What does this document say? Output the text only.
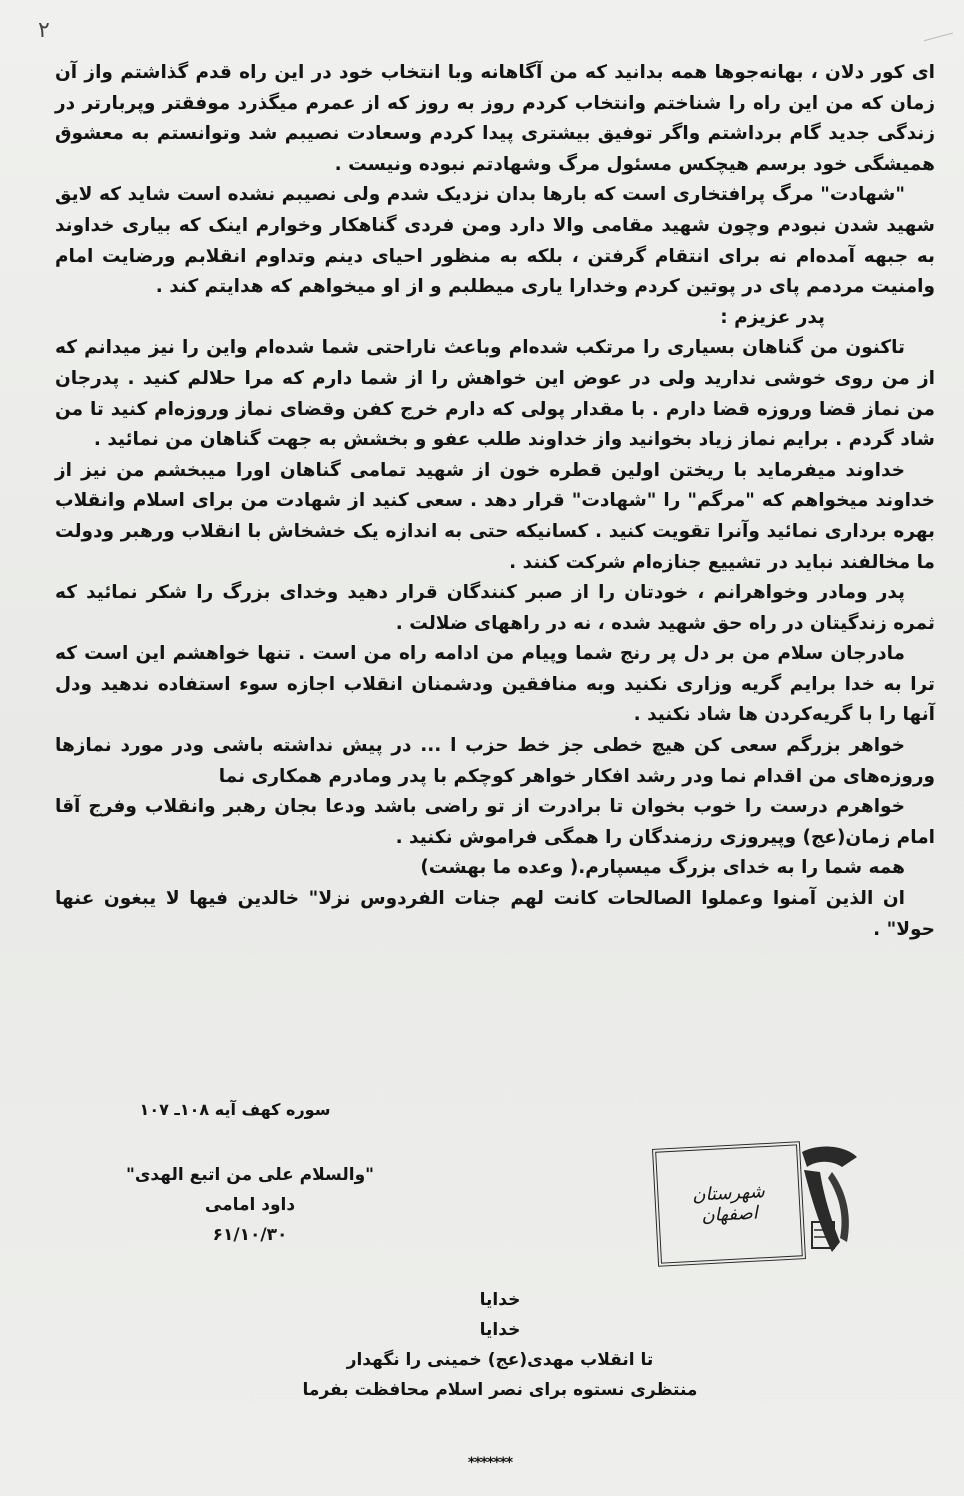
۲

ای کور دلان ، بهانه‌جوها همه بدانید که من آگاهانه وبا انتخاب خود در این راه قدم گذاشتم واز آن زمان که من این راه را شناختم وانتخاب کردم روز به روز که از عمرم میگذرد موفقتر وپربارتر در زندگی جدید گام برداشتم واگر توفیق بیشتری پیدا کردم وسعادت نصیبم شد وتوانستم به معشوق همیشگی خود برسم هیچکس مسئول مرگ وشهادتم نبوده ونیست .

"شهادت" مرگ پرافتخاری است که بارها بدان نزدیک شدم ولی نصیبم نشده است شاید که لایق شهید شدن نبودم وچون شهید مقامی والا دارد ومن فردی گناهکار وخوارم اینک که بیاری خداوند به جبهه آمده‌ام نه برای انتقام گرفتن ، بلکه به منظور احیای دینم وتداوم انقلابم ورضایت امام وامنیت مردمم پای در پوتین کردم وخدارا یاری میطلبم و از او میخواهم که هدایتم کند .

پدر عزیزم :

تاکنون من گناهان بسیاری را مرتکب شده‌ام وباعث ناراحتی شما شده‌ام واین را نیز میدانم که از من روی خوشی ندارید ولی در عوض این خواهش را از شما دارم که مرا حلالم کنید . پدرجان من نماز قضا وروزه قضا دارم . با مقدار پولی که دارم خرج کفن وقضای نماز وروزه‌ام کنید تا من شاد گردم . برایم نماز زیاد بخوانید واز خداوند طلب عفو و بخشش به جهت گناهان من نمائید .

خداوند میفرماید با ریختن اولین قطره خون از شهید تمامی گناهان اورا میبخشم من نیز از خداوند میخواهم که "مرگم" را "شهادت" قرار دهد . سعی کنید از شهادت من برای اسلام وانقلاب بهره برداری نمائید وآنرا تقویت کنید . کسانیکه حتی به اندازه یک خشخاش با انقلاب ورهبر ودولت ما مخالفند نباید در تشییع جنازه‌ام شرکت کنند .

پدر ومادر وخواهرانم ، خودتان را از صبر کنندگان قرار دهید وخدای بزرگ را شکر نمائید که ثمره زندگیتان در راه حق شهید شده ، نه در راههای ضلالت .

مادرجان سلام من بر دل پر رنج شما وپیام من ادامه راه من است . تنها خواهشم این است که ترا به خدا برایم گریه وزاری نکنید وبه منافقین ودشمنان انقلاب اجازه سوء استفاده ندهید ودل آنها را با گریه‌کردن ها شاد نکنید .

خواهر بزرگم سعی کن هیچ خطی جز خط حزب ا ... در پیش نداشته باشی ودر مورد نمازها وروزه‌های من اقدام نما ودر رشد افکار خواهر کوچکم با پدر ومادرم همکاری نما

خواهرم درست را خوب بخوان تا برادرت از تو راضی باشد ودعا بجان رهبر وانقلاب وفرج آقا امام زمان(عج) وپیروزی رزمندگان را همگی فراموش نکنید .

همه شما را به خدای بزرگ میسپارم.( وعده ما بهشت)

ان الذین آمنوا وعملوا الصالحات کانت لهم جنات الفردوس نزلا" خالدین فیها لا یبغون عنها حولا" .

سوره کهف آیه ۱۰۸ـ ۱۰۷
"والسلام علی من اتبع الهدی"
داود امامی
۶۱/۱۰/۳۰
شهرستان
اصفهان
خدایا
خدایا
تا انقلاب مهدی(عج) خمینی را نگهدار
منتظری نستوه برای نصر اسلام محافظت بفرما
*******
